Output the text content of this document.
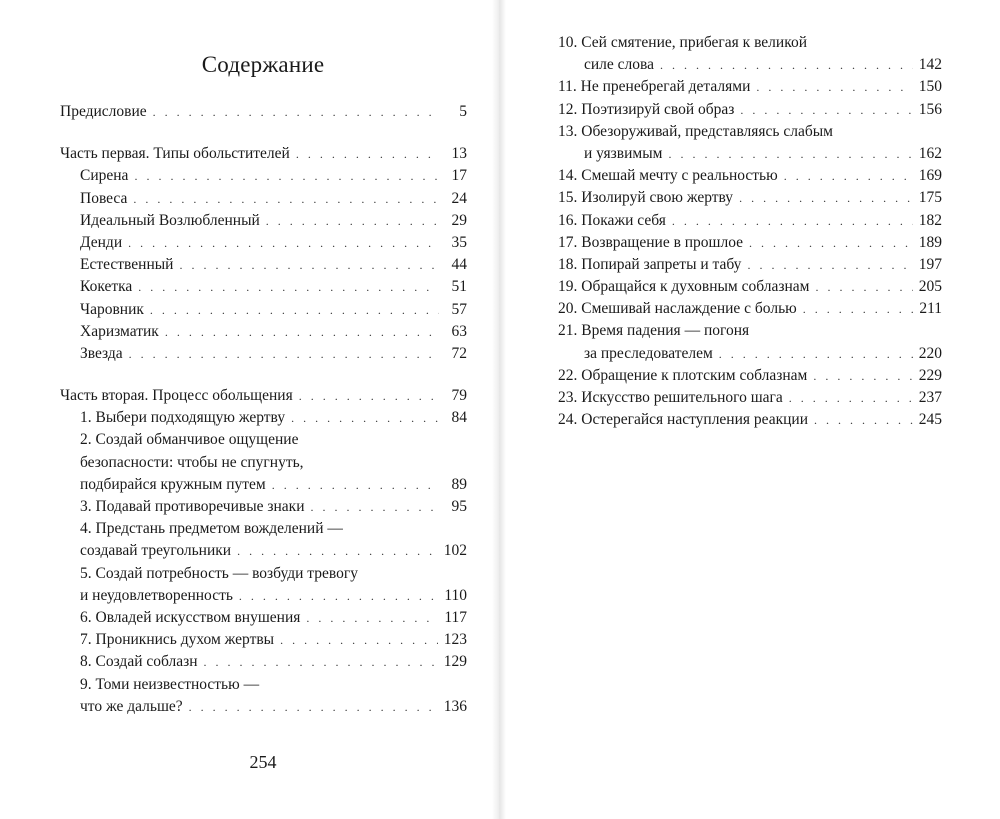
Содержание
Предисловие . . .	5
Часть первая. Типы обольстителей . . .	13
Сирена . . .	17
Повеса . . .	24
Идеальный Возлюбленный . . .	29
Денди . . .	35
Естественный . . .	44
Кокетка . . .	51
Чаровник . . .	57
Харизматик . . .	63
Звезда . . .	72
Часть вторая. Процесс обольщения . . .	79
1. Выбери подходящую жертву . . .	84
2. Создай обманчивое ощущение
безопасности: чтобы не спугнуть,
подбирайся кружным путем . . .	89
3. Подавай противоречивые знаки . . .	95
4. Предстань предметом вожделений —
создавай треугольники . . .	102
5. Создай потребность — возбуди тревогу
и неудовлетворенность . . .	110
6. Овладей искусством внушения . . .	117
7. Проникнись духом жертвы . . .	123
8. Создай соблазн . . .	129
9. Томи неизвестностью —
что же дальше? . . .	136
254
10. Сей смятение, прибегая к великой
силе слова . . .	142
11. Не пренебрегай деталями . . .	150
12. Поэтизируй свой образ . . .	156
13. Обезоруживай, представляясь слабым
и уязвимым . . .	162
14. Смешай мечту с реальностью . . .	169
15. Изолируй свою жертву . . .	175
16. Покажи себя . . .	182
17. Возвращение в прошлое . . .	189
18. Попирай запреты и табу . . .	197
19. Обращайся к духовным соблазнам . . .	205
20. Смешивай наслаждение с болью . . .	211
21. Время падения — погоня
за преследователем . . .	220
22. Обращение к плотским соблазнам . . .	229
23. Искусство решительного шага . . .	237
24. Остерегайся наступления реакции . . .	245
